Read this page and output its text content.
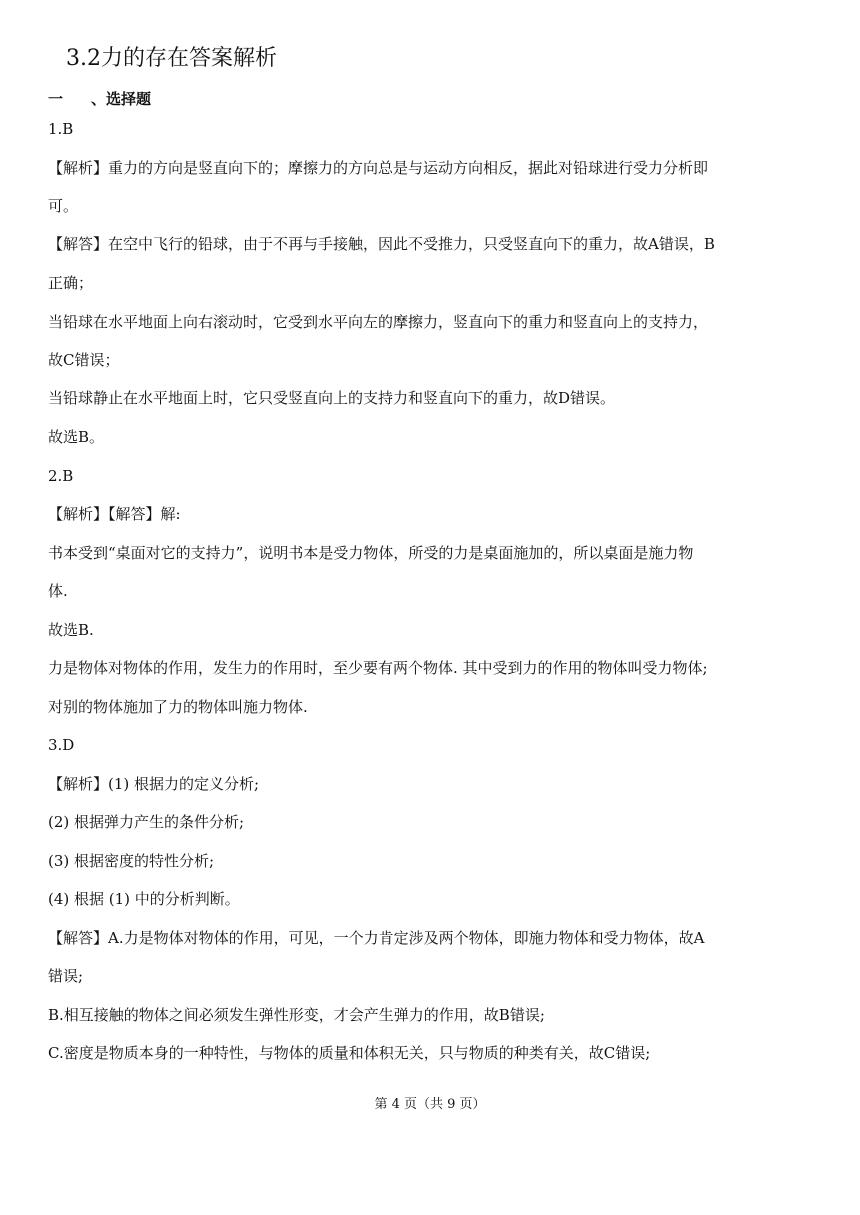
3.2力的存在答案解析
一 、选择题
1.B
【解析】重力的方向是竖直向下的；摩擦力的方向总是与运动方向相反，据此对铅球进行受力分析即
可。
【解答】在空中飞行的铅球，由于不再与手接触，因此不受推力，只受竖直向下的重力，故A错误，B
正确；
当铅球在水平地面上向右滚动时，它受到水平向左的摩擦力，竖直向下的重力和竖直向上的支持力，
故C错误；
当铅球静止在水平地面上时，它只受竖直向上的支持力和竖直向下的重力，故D错误。
故选B。
2.B
【解析】【解答】解:
书本受到“桌面对它的支持力”，说明书本是受力物体，所受的力是桌面施加的，所以桌面是施力物
体.
故选B.
力是物体对物体的作用，发生力的作用时，至少要有两个物体. 其中受到力的作用的物体叫受力物体;
对别的物体施加了力的物体叫施力物体.
3.D
【解析】(1) 根据力的定义分析;
(2) 根据弹力产生的条件分析;
(3) 根据密度的特性分析;
(4) 根据 (1) 中的分析判断。
【解答】A.力是物体对物体的作用，可见，一个力肯定涉及两个物体，即施力物体和受力物体，故A
错误;
B.相互接触的物体之间必须发生弹性形变，才会产生弹力的作用，故B错误;
C.密度是物质本身的一种特性，与物体的质量和体积无关，只与物质的种类有关，故C错误;
第 4 页（共 9 页）
